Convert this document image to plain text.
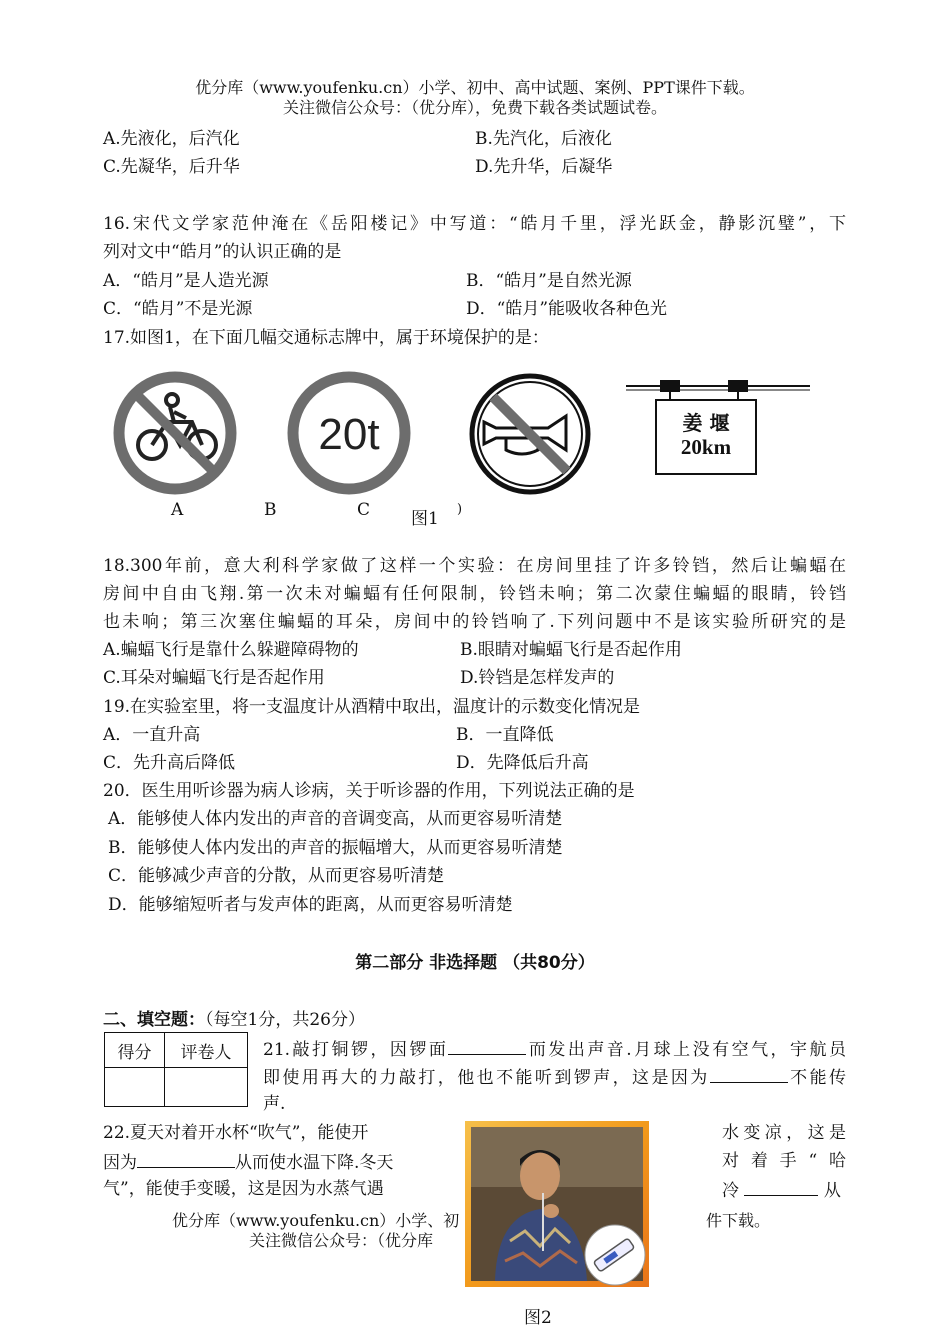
优分库（www.youfenku.cn）小学、初中、高中试题、案例、PPT课件下载。
关注微信公众号：（优分库），免费下载各类试题试卷。
A.先液化，后汽化	B.先汽化，后液化
C.先凝华，后升华	D.先升华，后凝华
16.宋代文学家范仲淹在《岳阳楼记》中写道：“皓月千里，浮光跃金，静影沉璧”，下
列对文中“皓月”的认识正确的是
A．“皓月”是人造光源	B．“皓月”是自然光源
C．“皓月”不是光源	D．“皓月”能吸收各种色光
17.如图1，在下面几幅交通标志牌中，属于环境保护的是：
20t	姜 堰
20km
A	B	C 图1 )
18.300年前，意大利科学家做了这样一个实验：在房间里挂了许多铃铛，然后让蝙蝠在
房间中自由飞翔.第一次未对蝙蝠有任何限制，铃铛未响；第二次蒙住蝙蝠的眼睛，铃铛
也未响；第三次塞住蝙蝠的耳朵，房间中的铃铛响了.下列问题中不是该实验所研究的是
A.蝙蝠飞行是靠什么躲避障碍物的	B.眼睛对蝙蝠飞行是否起作用
C.耳朵对蝙蝠飞行是否起作用	D.铃铛是怎样发声的
19.在实验室里，将一支温度计从酒精中取出，温度计的示数变化情况是
A．一直升高	B．一直降低
C．先升高后降低	D．先降低后升高
20．医生用听诊器为病人诊病，关于听诊器的作用，下列说法正确的是
A．能够使人体内发出的声音的音调变高，从而更容易听清楚
B．能够使人体内发出的声音的振幅增大，从而更容易听清楚
C．能够减少声音的分散，从而更容易听清楚
D．能够缩短听者与发声体的距离，从而更容易听清楚
第二部分 非选择题 （共80分）
二、填空题：（每空1分，共26分）
得分	评卷人
	21.敲打铜锣，因锣面	而发出声音.月球上没有空气，宇航员
即使用再大的力敲打，他也不能听到锣声，这是因为	不能传
声.
22.夏天对着开水杯“吹气”，能使开
因为	从而使水温下降.冬天
气”，能使手变暖，这是因为水蒸气遇
水变凉，这是
对着手“哈
冷	从
优分库（www.youfenku.cn）小学、初	件下载。
关注微信公众号：（优分库
图2
